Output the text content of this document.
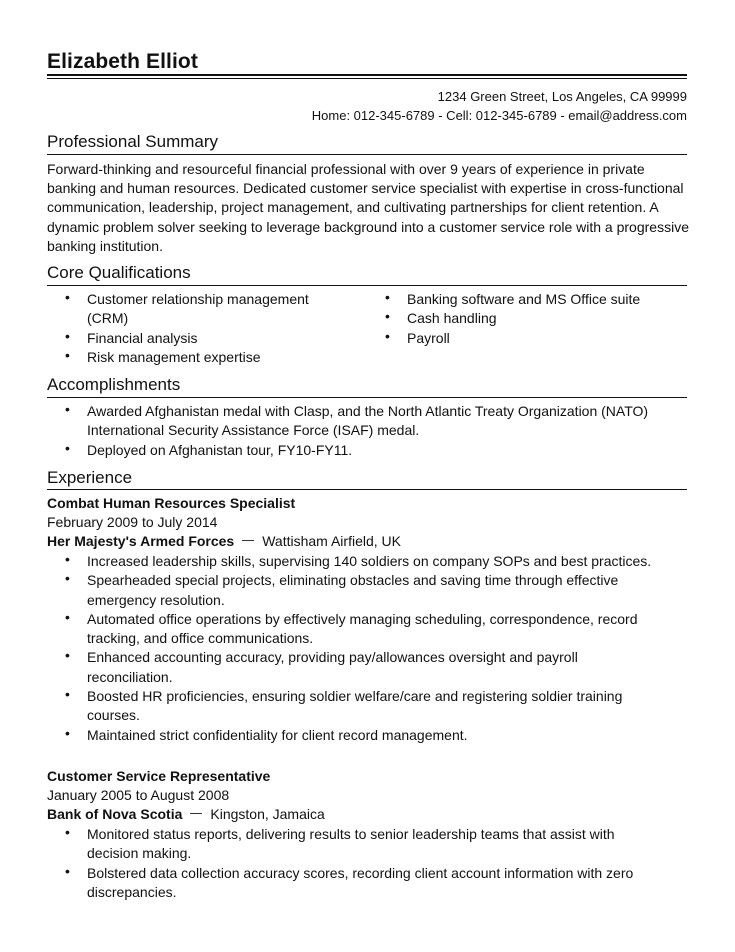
Elizabeth Elliot
1234 Green Street, Los Angeles, CA 99999
Home: 012-345-6789 - Cell: 012-345-6789 - email@address.com
Professional Summary
Forward-thinking and resourceful financial professional with over 9 years of experience in private banking and human resources. Dedicated customer service specialist with expertise in cross-functional communication, leadership, project management, and cultivating partnerships for client retention. A dynamic problem solver seeking to leverage background into a customer service role with a progressive banking institution.
Core Qualifications
• Customer relationship management (CRM)
• Financial analysis
• Risk management expertise
• Banking software and MS Office suite
• Cash handling
• Payroll
Accomplishments
• Awarded Afghanistan medal with Clasp, and the North Atlantic Treaty Organization (NATO) International Security Assistance Force (ISAF) medal.
• Deployed on Afghanistan tour, FY10-FY11.
Experience
Combat Human Resources Specialist
February 2009 to July 2014
Her Majesty's Armed Forces Wattisham Airfield, UK
• Increased leadership skills, supervising 140 soldiers on company SOPs and best practices.
• Spearheaded special projects, eliminating obstacles and saving time through effective emergency resolution.
• Automated office operations by effectively managing scheduling, correspondence, record tracking, and office communications.
• Enhanced accounting accuracy, providing pay/allowances oversight and payroll reconciliation.
• Boosted HR proficiencies, ensuring soldier welfare/care and registering soldier training courses.
• Maintained strict confidentiality for client record management.
Customer Service Representative
January 2005 to August 2008
Bank of Nova Scotia Kingston, Jamaica
• Monitored status reports, delivering results to senior leadership teams that assist with decision making.
• Bolstered data collection accuracy scores, recording client account information with zero discrepancies.
